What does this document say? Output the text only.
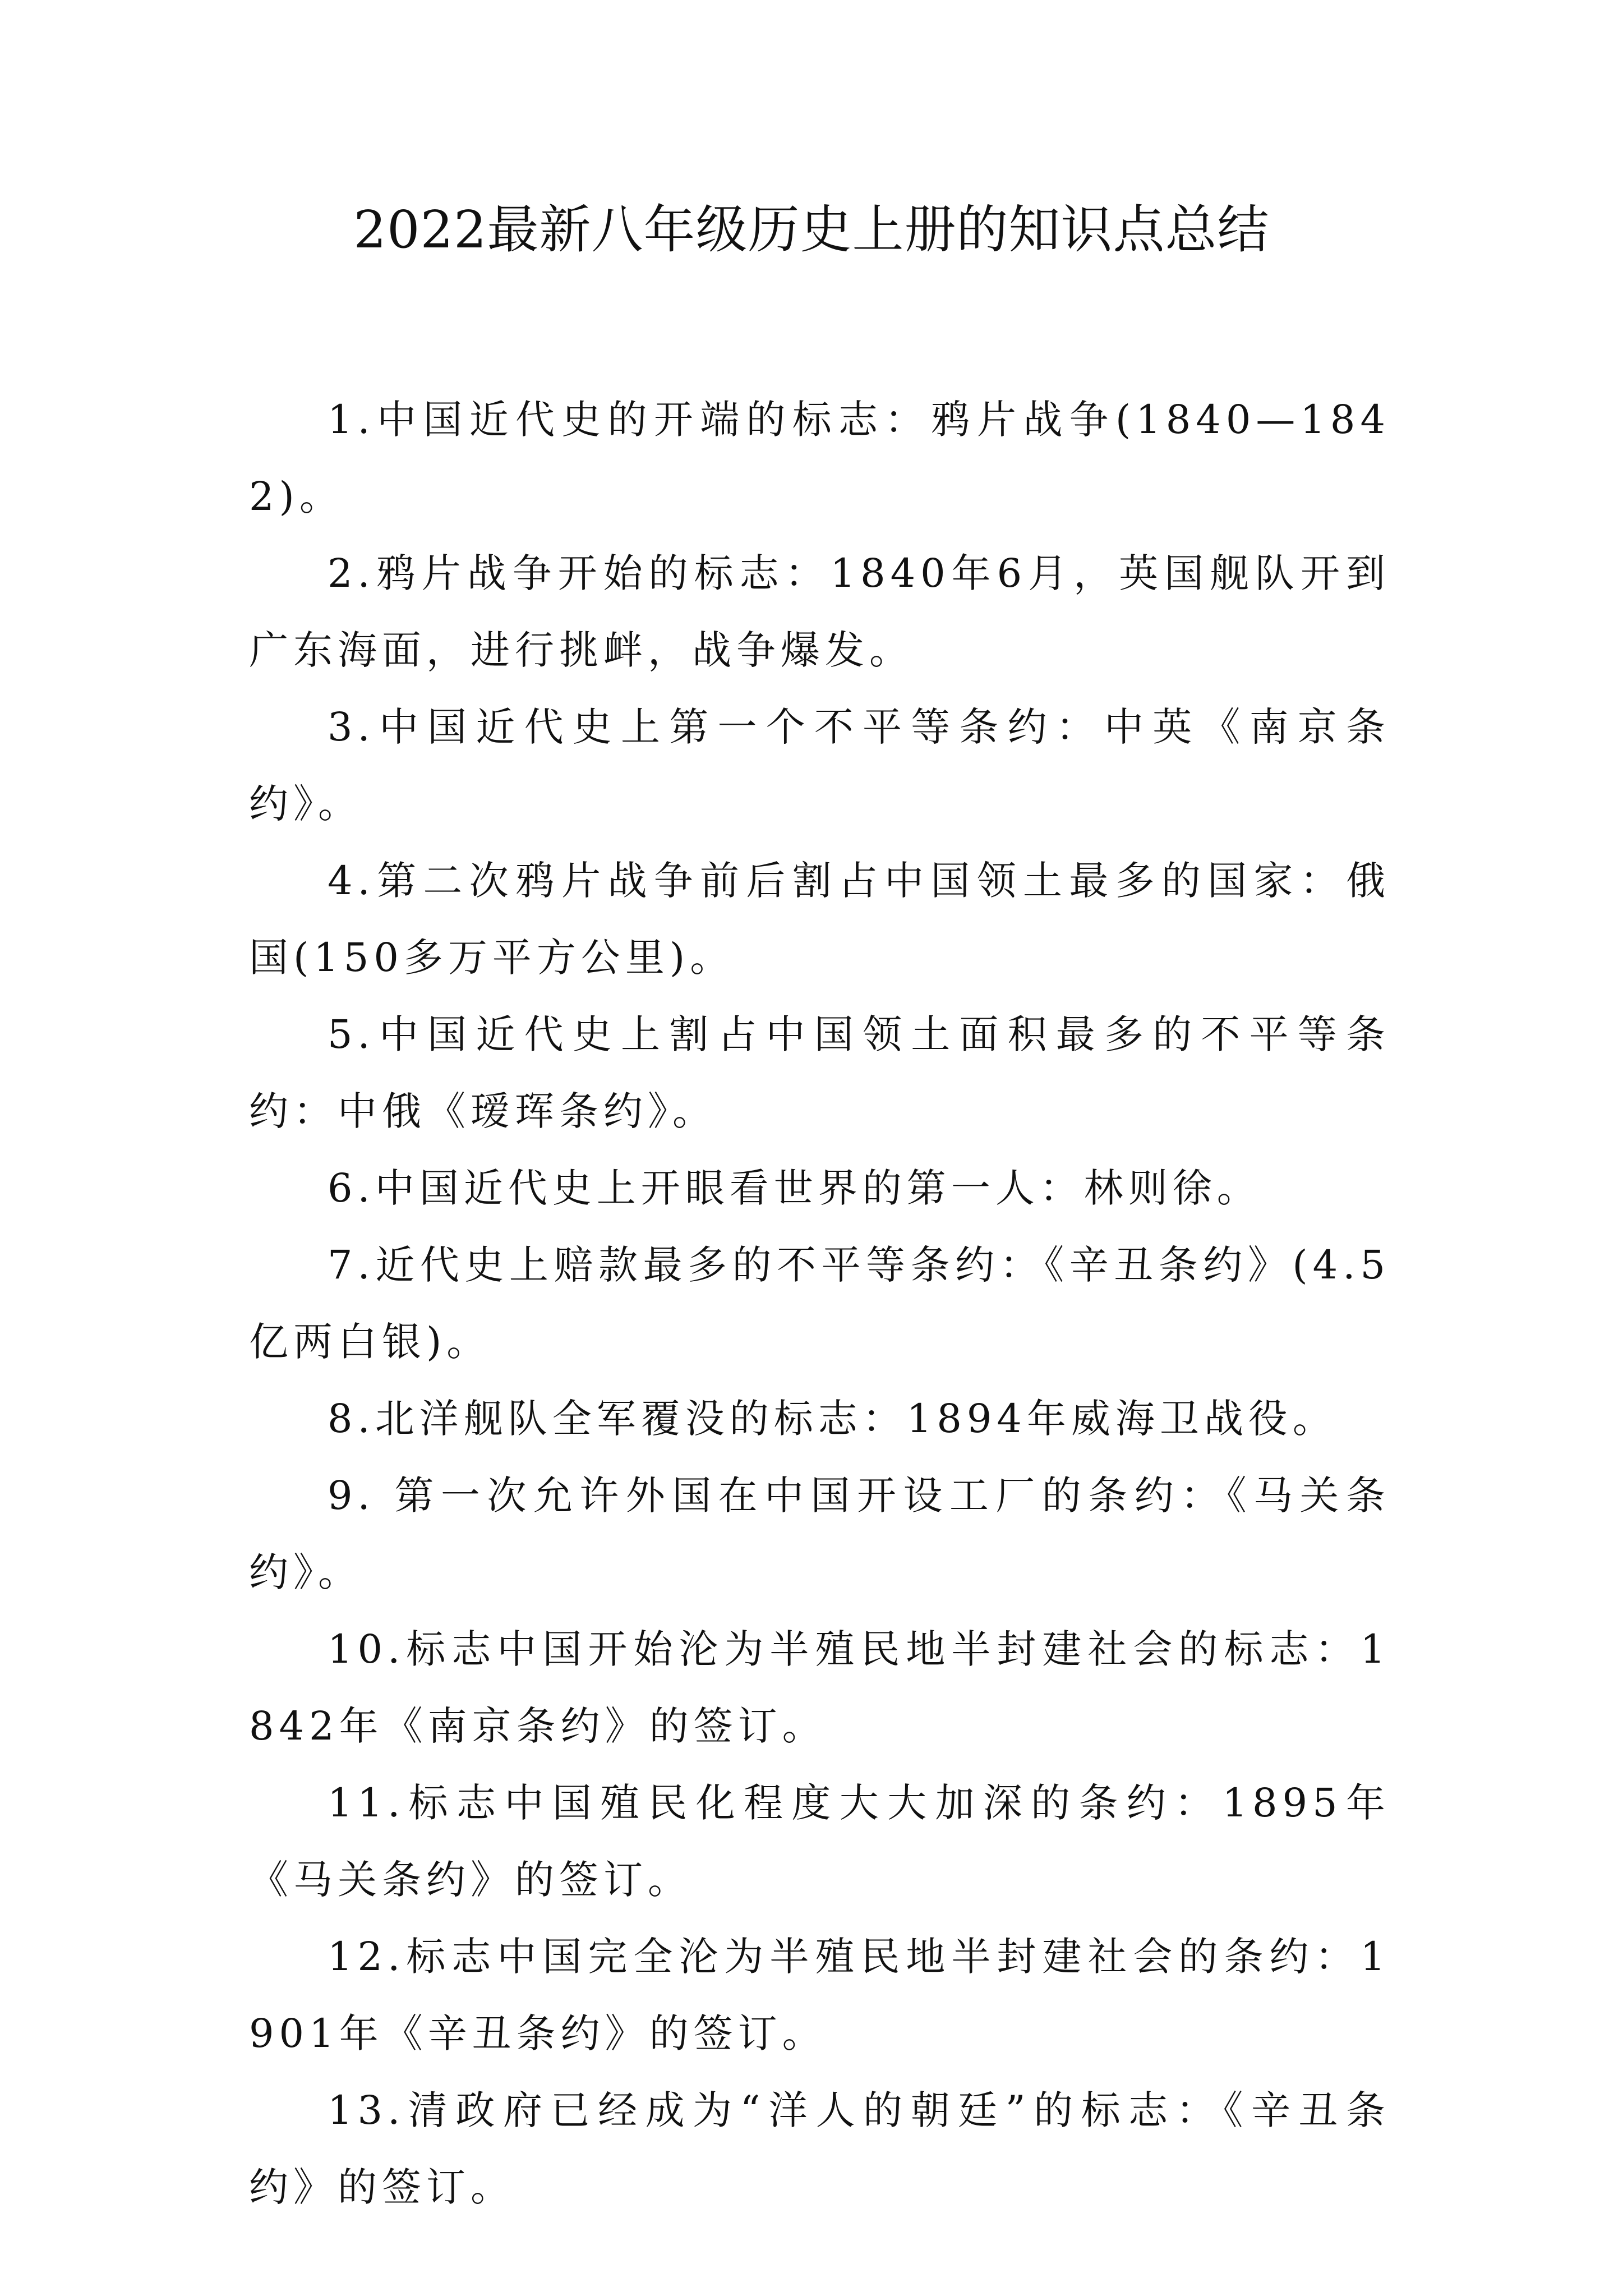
2022最新八年级历史上册的知识点总结

1.中国近代史的开端的标志：鸦片战争(1840—1842)。

2.鸦片战争开始的标志：1840年6月，英国舰队开到广东海面，进行挑衅，战争爆发。

3.中国近代史上第一个不平等条约：中英《南京条约》。

4.第二次鸦片战争前后割占中国领土最多的国家：俄国(150多万平方公里)。

5.中国近代史上割占中国领土面积最多的不平等条约：中俄《瑷珲条约》。

6.中国近代史上开眼看世界的第一人：林则徐。

7.近代史上赔款最多的不平等条约：《辛丑条约》(4.5亿两白银)。

8.北洋舰队全军覆没的标志：1894年威海卫战役。

9. 第一次允许外国在中国开设工厂的条约：《马关条约》。

10.标志中国开始沦为半殖民地半封建社会的标志：1842年《南京条约》的签订。

11.标志中国殖民化程度大大加深的条约：1895年《马关条约》的签订。

12.标志中国完全沦为半殖民地半封建社会的条约：1901年《辛丑条约》的签订。

13.清政府已经成为“洋人的朝廷”的标志：《辛丑条约》的签订。
